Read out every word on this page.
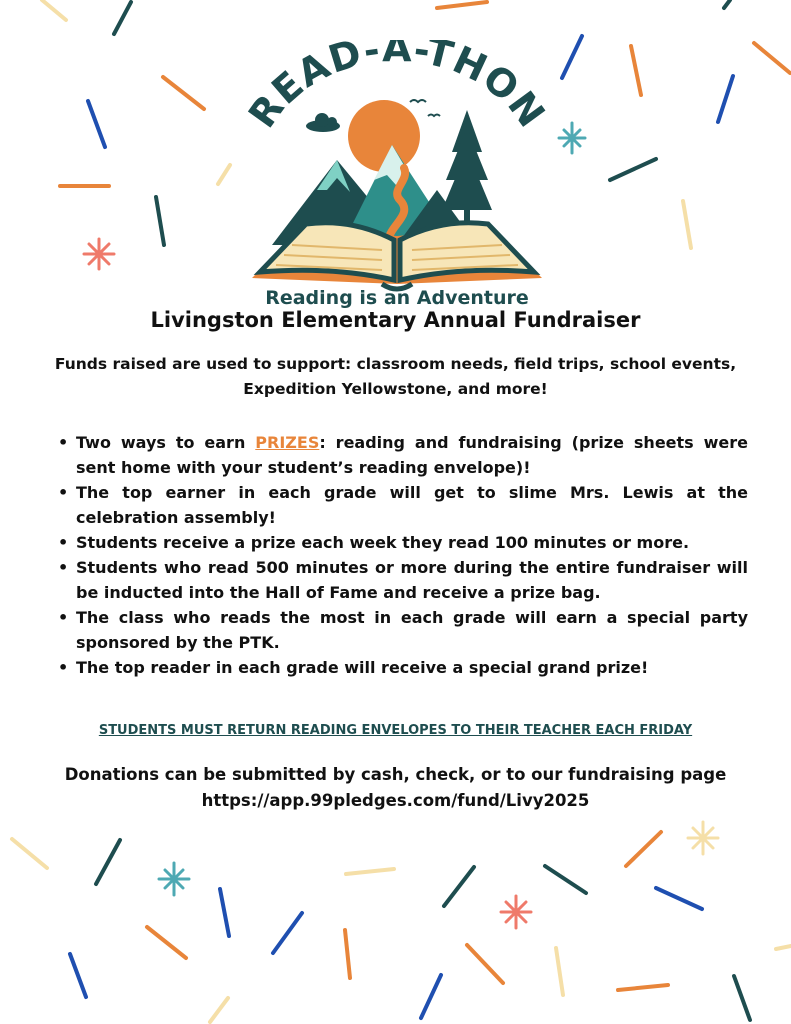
READ-A-THON
Reading is an Adventure
Livingston Elementary Annual Fundraiser

Funds raised are used to support: classroom needs, field trips, school events, Expedition Yellowstone, and more!

• Two ways to earn PRIZES: reading and fundraising (prize sheets were sent home with your student’s reading envelope)!
• The top earner in each grade will get to slime Mrs. Lewis at the celebration assembly!
• Students receive a prize each week they read 100 minutes or more.
• Students who read 500 minutes or more during the entire fundraiser will be inducted into the Hall of Fame and receive a prize bag.
• The class who reads the most in each grade will earn a special party sponsored by the PTK.
• The top reader in each grade will receive a special grand prize!

STUDENTS MUST RETURN READING ENVELOPES TO THEIR TEACHER EACH FRIDAY

Donations can be submitted by cash, check, or to our fundraising page
https://app.99pledges.com/fund/Livy2025
